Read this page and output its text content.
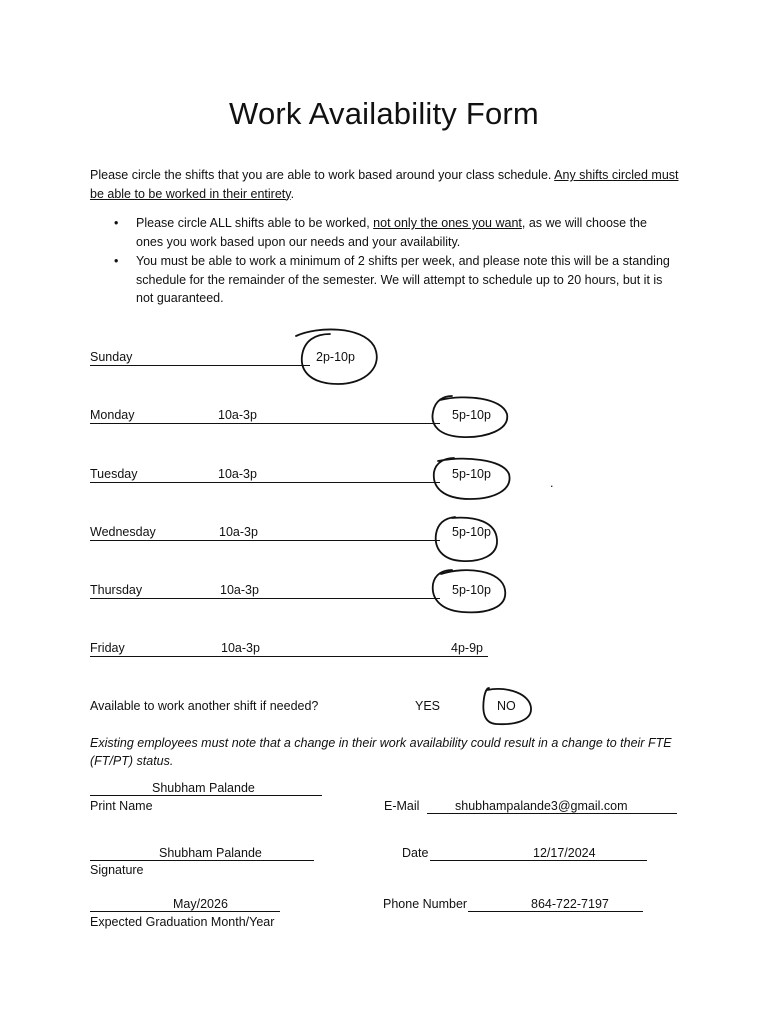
Work Availability Form
Please circle the shifts that you are able to work based around your class schedule. Any shifts circled must be able to be worked in their entirety.
• Please circle ALL shifts able to be worked, not only the ones you want, as we will choose the ones you work based upon our needs and your availability.
• You must be able to work a minimum of 2 shifts per week, and please note this will be a standing schedule for the remainder of the semester. We will attempt to schedule up to 20 hours, but it is not guaranteed.
Sunday	2p-10p
Monday	10a-3p	5p-10p
Tuesday	10a-3p	5p-10p
Wednesday	10a-3p	5p-10p
Thursday	10a-3p	5p-10p
Friday	10a-3p	4p-9p
.
Available to work another shift if needed?	YES	NO
Existing employees must note that a change in their work availability could result in a change to their FTE (FT/PT) status.
Shubham Palande
Print Name	E-Mail	shubhampalande3@gmail.com
Shubham Palande
Signature
Date	12/17/2024
May/2026
Expected Graduation Month/Year
Phone Number	864-722-7197
